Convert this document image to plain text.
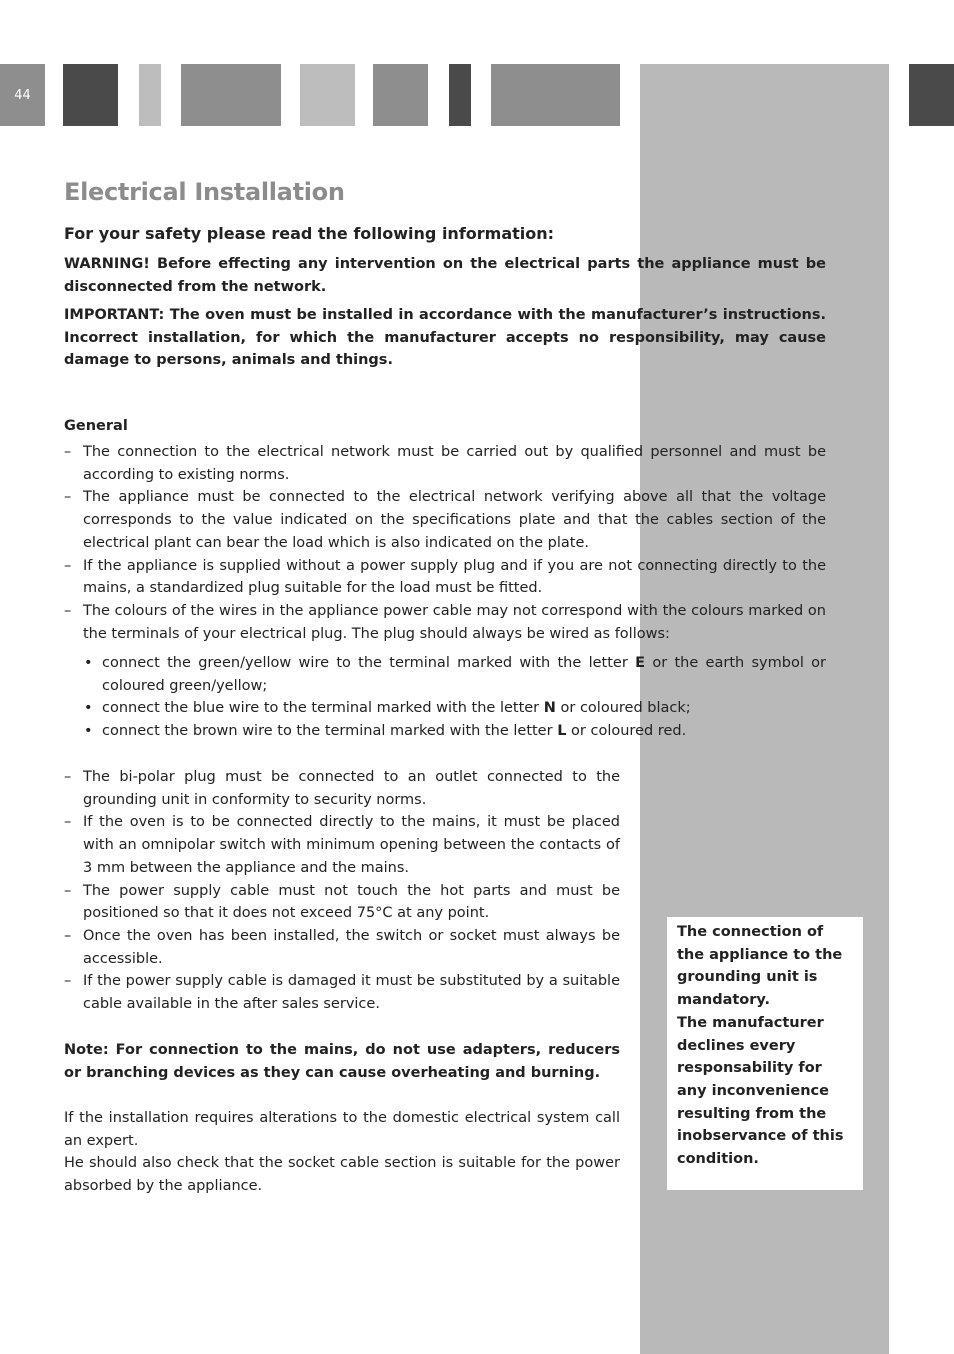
44
Electrical Installation
For your safety please read the following information:

WARNING! Before effecting any intervention on the electrical parts the appliance must be disconnected from the network.

IMPORTANT: The oven must be installed in accordance with the manufacturer’s instructions. Incorrect installation, for which the manufacturer accepts no responsibility, may cause damage to persons, animals and things.

General
– The connection to the electrical network must be carried out by qualified personnel and must be according to existing norms.
– The appliance must be connected to the electrical network verifying above all that the voltage corresponds to the value indicated on the specifications plate and that the cables section of the electrical plant can bear the load which is also indicated on the plate.
– If the appliance is supplied without a power supply plug and if you are not connecting directly to the mains, a standardized plug suitable for the load must be fitted.
– The colours of the wires in the appliance power cable may not correspond with the colours marked on the terminals of your electrical plug. The plug should always be wired as follows:
• connect the green/yellow wire to the terminal marked with the letter E or the earth symbol or coloured green/yellow;
• connect the blue wire to the terminal marked with the letter N or coloured black;
• connect the brown wire to the terminal marked with the letter L or coloured red.
– The bi-polar plug must be connected to an outlet connected to the grounding unit in conformity to security norms.
– If the oven is to be connected directly to the mains, it must be placed with an omnipolar switch with minimum opening between the contacts of 3 mm between the appliance and the mains.
– The power supply cable must not touch the hot parts and must be positioned so that it does not exceed 75°C at any point.
– Once the oven has been installed, the switch or socket must always be accessible.
– If the power supply cable is damaged it must be substituted by a suitable cable available in the after sales service.

Note: For connection to the mains, do not use adapters, reducers or branching devices as they can cause overheating and burning.

If the installation requires alterations to the domestic electrical system call an expert.
He should also check that the socket cable section is suitable for the power absorbed by the appliance.

The connection of the appliance to the grounding unit is mandatory.

The manufacturer declines every responsability for any inconvenience resulting from the inobservance of this condition.
